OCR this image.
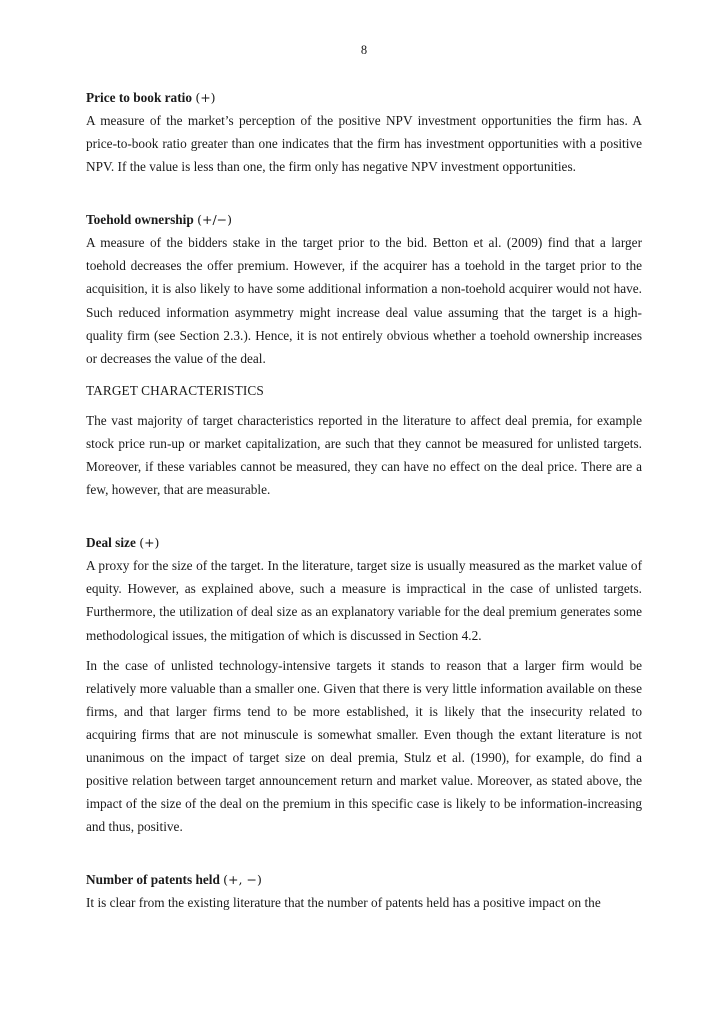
8
Price to book ratio (+)

A measure of the market’s perception of the positive NPV investment opportunities the firm has. A price-to-book ratio greater than one indicates that the firm has investment opportunities with a positive NPV. If the value is less than one, the firm only has negative NPV investment opportunities.

Toehold ownership (+/−)

A measure of the bidders stake in the target prior to the bid. Betton et al. (2009) find that a larger toehold decreases the offer premium. However, if the acquirer has a toehold in the target prior to the acquisition, it is also likely to have some additional information a non-toehold acquirer would not have. Such reduced information asymmetry might increase deal value assuming that the target is a high-quality firm (see Section 2.3.). Hence, it is not entirely obvious whether a toehold ownership increases or decreases the value of the deal.

TARGET CHARACTERISTICS

The vast majority of target characteristics reported in the literature to affect deal premia, for example stock price run-up or market capitalization, are such that they cannot be measured for unlisted targets. Moreover, if these variables cannot be measured, they can have no effect on the deal price. There are a few, however, that are measurable.

Deal size (+)

A proxy for the size of the target. In the literature, target size is usually measured as the market value of equity. However, as explained above, such a measure is impractical in the case of unlisted targets. Furthermore, the utilization of deal size as an explanatory variable for the deal premium generates some methodological issues, the mitigation of which is discussed in Section 4.2.

In the case of unlisted technology-intensive targets it stands to reason that a larger firm would be relatively more valuable than a smaller one. Given that there is very little information available on these firms, and that larger firms tend to be more established, it is likely that the insecurity related to acquiring firms that are not minuscule is somewhat smaller. Even though the extant literature is not unanimous on the impact of target size on deal premia, Stulz et al. (1990), for example, do find a positive relation between target announcement return and market value. Moreover, as stated above, the impact of the size of the deal on the premium in this specific case is likely to be information-increasing and thus, positive.

Number of patents held (+, −)

It is clear from the existing literature that the number of patents held has a positive impact on the
